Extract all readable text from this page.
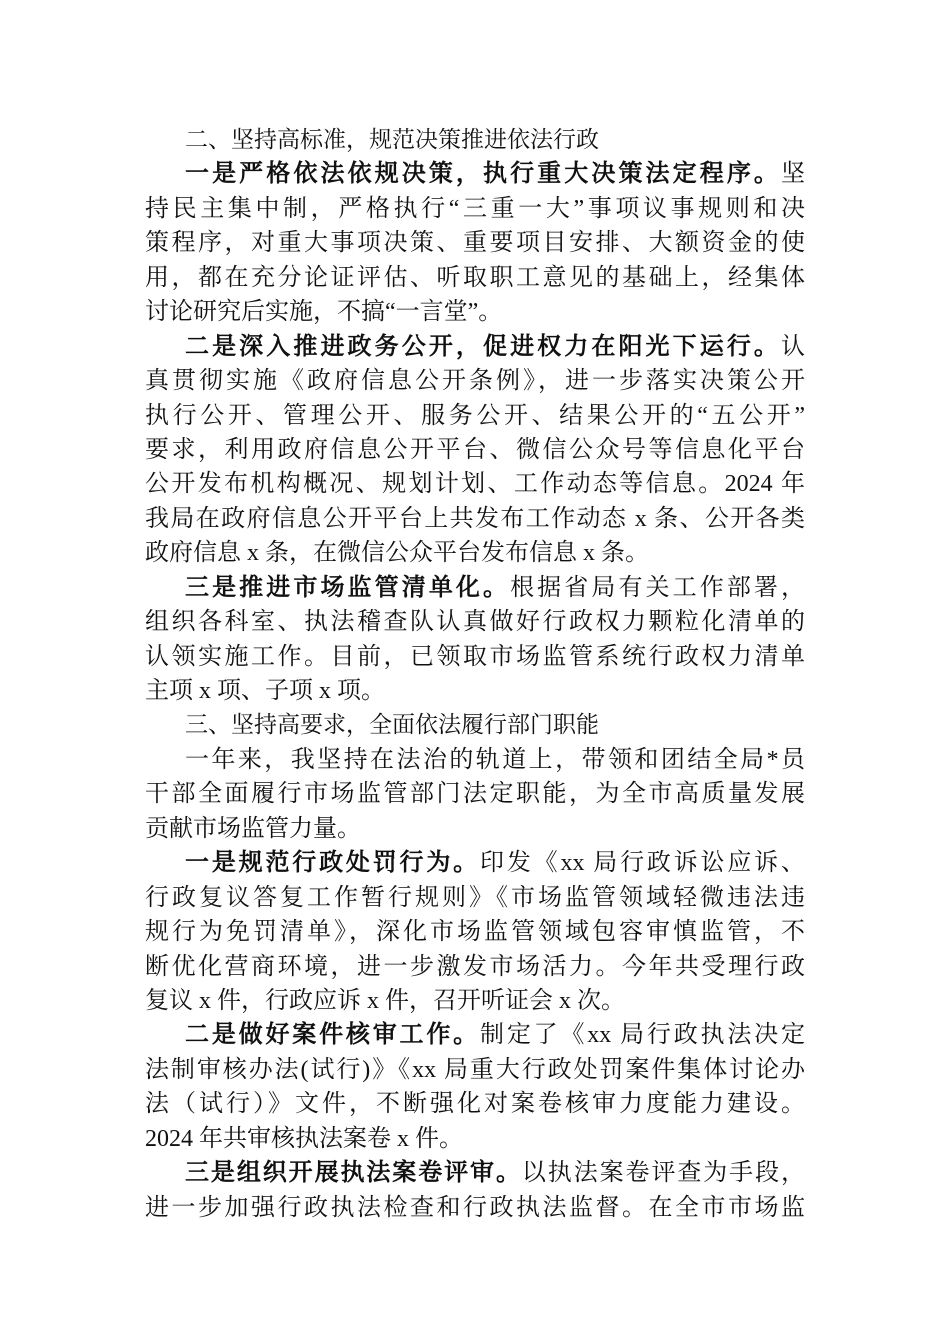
二、坚持高标准，规范决策推进依法行政
一是严格依法依规决策，执行重大决策法定程序。坚
持民主集中制，严格执行“三重一大”事项议事规则和决
策程序，对重大事项决策、重要项目安排、大额资金的使
用，都在充分论证评估、听取职工意见的基础上，经集体
讨论研究后实施，不搞“一言堂”。
二是深入推进政务公开，促进权力在阳光下运行。认
真贯彻实施《政府信息公开条例》，进一步落实决策公开
执行公开、管理公开、服务公开、结果公开的“五公开”
要求，利用政府信息公开平台、微信公众号等信息化平台
公开发布机构概况、规划计划、工作动态等信息。2024 年
我局在政府信息公开平台上共发布工作动态 x 条、公开各类
政府信息 x 条，在微信公众平台发布信息 x 条。
三是推进市场监管清单化。根据省局有关工作部署，
组织各科室、执法稽查队认真做好行政权力颗粒化清单的
认领实施工作。目前，已领取市场监管系统行政权力清单
主项 x 项、子项 x 项。
三、坚持高要求，全面依法履行部门职能
一年来，我坚持在法治的轨道上，带领和团结全局*员
干部全面履行市场监管部门法定职能，为全市高质量发展
贡献市场监管力量。
一是规范行政处罚行为。印发《xx 局行政诉讼应诉、
行政复议答复工作暂行规则》《市场监管领域轻微违法违
规行为免罚清单》，深化市场监管领域包容审慎监管，不
断优化营商环境，进一步激发市场活力。今年共受理行政
复议 x 件，行政应诉 x 件，召开听证会 x 次。
二是做好案件核审工作。制定了《xx 局行政执法决定
法制审核办法(试行)》《xx 局重大行政处罚案件集体讨论办
法（试行）》文件，不断强化对案卷核审力度能力建设。
2024 年共审核执法案卷 x 件。
三是组织开展执法案卷评审。以执法案卷评查为手段，
进一步加强行政执法检查和行政执法监督。在全市市场监
